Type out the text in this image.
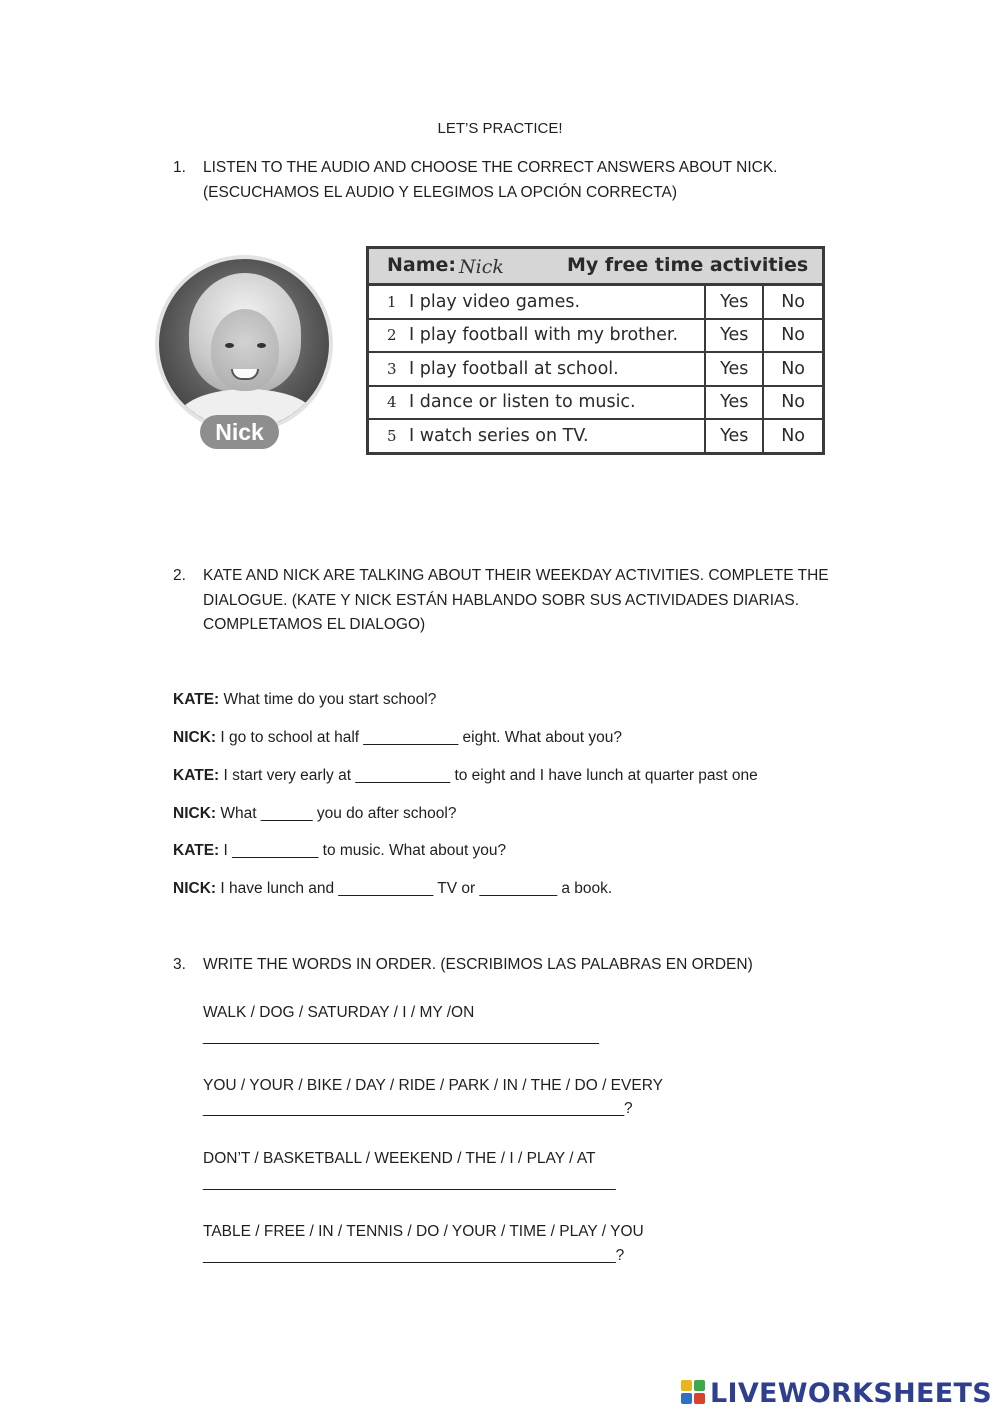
LET’S PRACTICE!
1. LISTEN TO THE AUDIO AND CHOOSE THE CORRECT ANSWERS ABOUT NICK.
(ESCUCHAMOS EL AUDIO Y ELEGIMOS LA OPCIÓN CORRECTA)
Nick
Name: Nick My free time activities		

1 I play video games.	Yes	No
2 I play football with my brother.	Yes	No
3 I play football at school.	Yes	No
4 I dance or listen to music.	Yes	No
5 I watch series on TV.	Yes	No
2. KATE AND NICK ARE TALKING ABOUT THEIR WEEKDAY ACTIVITIES. COMPLETE THE
DIALOGUE. (KATE Y NICK ESTÁN HABLANDO SOBR SUS ACTIVIDADES DIARIAS.
COMPLETAMOS EL DIALOGO)
KATE: What time do you start school?
NICK: I go to school at half ___________ eight. What about you?
KATE: I start very early at ___________ to eight and I have lunch at quarter past one
NICK: What ______ you do after school?
KATE: I __________ to music. What about you?
NICK: I have lunch and ___________ TV or _________ a book.
3. WRITE THE WORDS IN ORDER. (ESCRIBIMOS LAS PALABRAS EN ORDEN)
WALK / DOG / SATURDAY / I / MY /ON
_______________________________________________
YOU / YOUR / BIKE / DAY / RIDE / PARK / IN / THE / DO / EVERY
__________________________________________________?
DON’T / BASKETBALL / WEEKEND / THE / I / PLAY / AT
_________________________________________________
TABLE / FREE / IN / TENNIS / DO / YOUR / TIME / PLAY / YOU
_________________________________________________?
LIVEWORKSHEETS
